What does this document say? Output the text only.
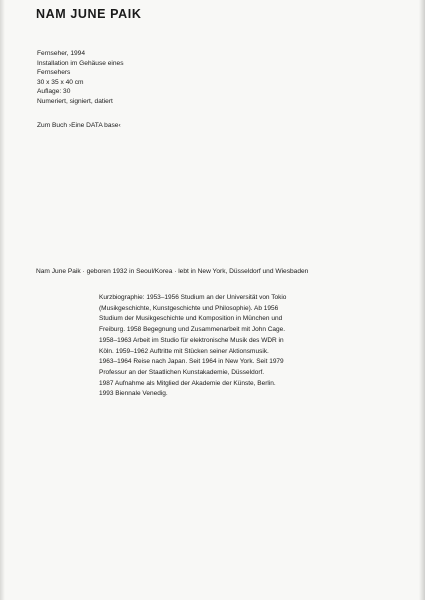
NAM JUNE PAIK
Fernseher, 1994
Installation im Gehäuse eines
Fernsehers
30 x 35 x 40 cm
Auflage: 30
Numeriert, signiert, datiert
Zum Buch ›Eine DATA base‹
Nam June Paik · geboren 1932 in Seoul/Korea · lebt in New York, Düsseldorf und Wiesbaden
Kurzbiographie: 1953–1956 Studium an der Universität von Tokio
(Musikgeschichte, Kunstgeschichte und Philosophie). Ab 1956
Studium der Musikgeschichte und Komposition in München und
Freiburg. 1958 Begegnung und Zusammenarbeit mit John Cage.
1958–1963 Arbeit im Studio für elektronische Musik des WDR in
Köln. 1959–1962 Auftritte mit Stücken seiner Aktionsmusik.
1963–1964 Reise nach Japan. Seit 1964 in New York. Seit 1979
Professur an der Staatlichen Kunstakademie, Düsseldorf.
1987 Aufnahme als Mitglied der Akademie der Künste, Berlin.
1993 Biennale Venedig.
